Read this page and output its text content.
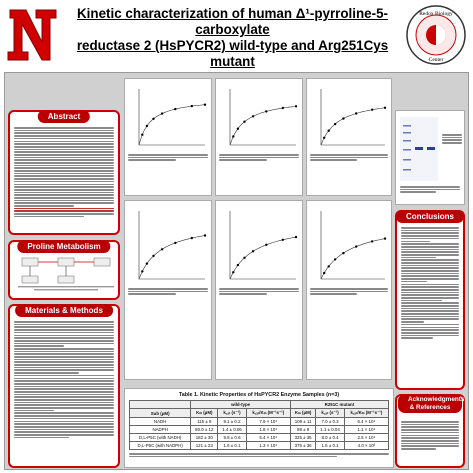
Redox Biology
Center
Kinetic characterization of human Δ¹-pyrroline-5-carboxylate
reductase 2 (HsPYCR2) wild-type and Arg251Cys mutant
Abstract
Proline Metabolism
Materials & Methods
Table 1. Kinetic Properties of HsPYCR2 Enzyme Samples (n=3)
	wild-type			R251C mutant		
Sub (μM)	Kₘ (μM)	k꜀ₐₜ (s⁻¹)	k꜀ₐₜ/Kₘ (M⁻¹s⁻¹)	Kₘ (μM)	k꜀ₐₜ (s⁻¹)	k꜀ₐₜ/Kₘ (M⁻¹s⁻¹)
NADH	115 ± 9	9.1 ± 0.2	7.9 × 10⁴	109 ± 11	7.0 ± 0.3	6.4 × 10⁴
NADPH	80.0 ± 12	1.4 ± 0.06	1.8 × 10⁴	98 ± 9	1.1 ± 0.04	1.1 × 10⁴
D,L-P5C (with NADH)	182 ± 30	9.8 ± 0.6	5.4 × 10⁴	325 ± 35	8.0 ± 0.4	2.5 × 10⁴
D,L-P5C (with NADPH)	121 ± 23	1.6 ± 0.1	1.3 × 10⁴	375 ± 36	1.5 ± 0.1	4.0 × 10³
Conclusions
Acknowledgments & References
